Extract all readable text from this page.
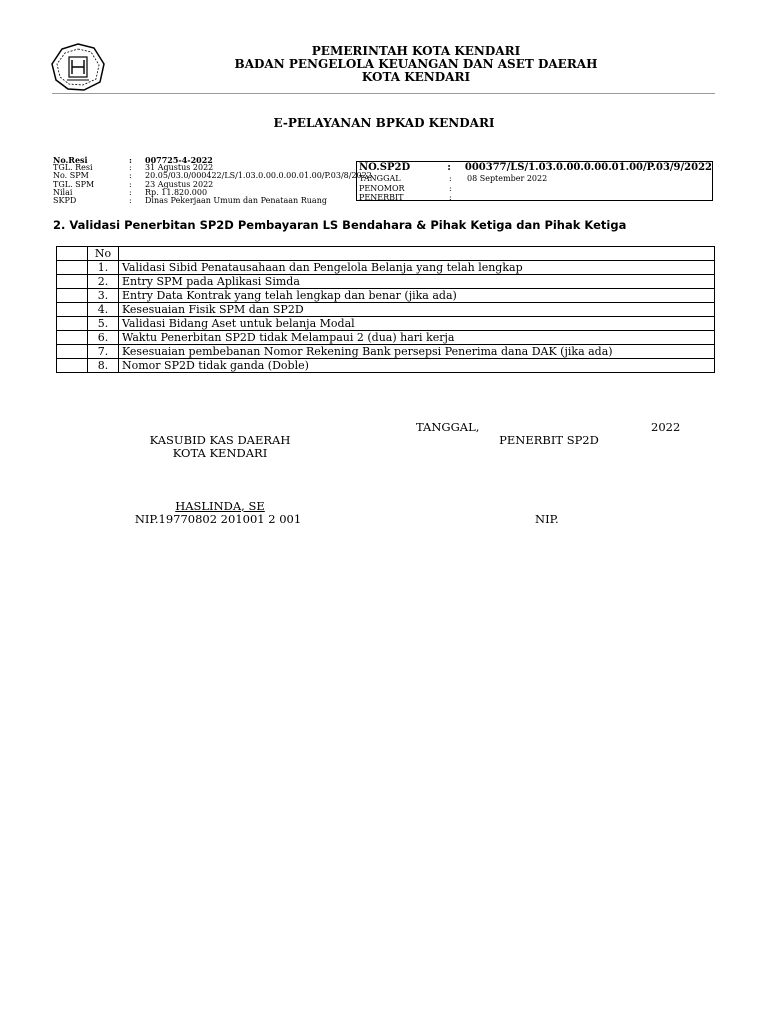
PEMERINTAH KOTA KENDARI
BADAN PENGELOLA KEUANGAN DAN ASET DAERAH
KOTA KENDARI
E-PELAYANAN BPKAD KENDARI
No.Resi	:	007725-4-2022
TGL. Resi	:	31 Agustus 2022
No. SPM	:	20.05/03.0/000422/LS/1.03.0.00.0.00.01.00/P.03/8/2022
TGL. SPM	:	23 Agustus 2022
Nilai	:	Rp. 11.820.000
SKPD	:	Dinas Pekerjaan Umum dan Penataan Ruang
NO.SP2D	:	000377/LS/1.03.0.00.0.00.01.00/P.03/9/2022
TANGGAL	:	08 September 2022
PENOMOR	:
PENERBIT	:
2. Validasi Penerbitan SP2D Pembayaran LS Bendahara & Pihak Ketiga dan Pihak Ketiga
	No	
	1.	Validasi Sibid Penatausahaan dan Pengelola Belanja yang telah lengkap
	2.	Entry SPM pada Aplikasi Simda
	3.	Entry Data Kontrak yang telah lengkap dan benar (jika ada)
	4.	Kesesuaian Fisik SPM dan SP2D
	5.	Validasi Bidang Aset untuk belanja Modal
	6.	Waktu Penerbitan SP2D tidak Melampaui 2 (dua) hari kerja
	7.	Kesesuaian pembebanan Nomor Rekening Bank persepsi Penerima dana DAK (jika ada)
	8.	Nomor SP2D tidak ganda (Doble)
TANGGAL,	2022
KASUBID KAS DAERAH
KOTA KENDARI
PENERBIT SP2D
HASLINDA, SE
NIP.19770802 201001 2 001	NIP.
